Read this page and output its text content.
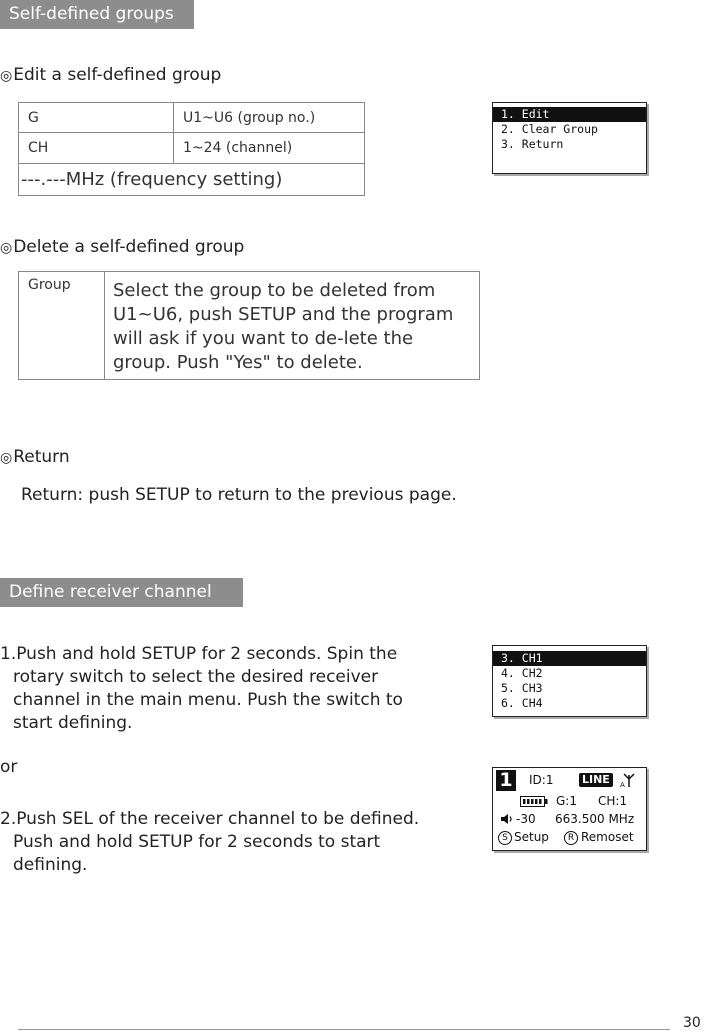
Self-defined groups
◎Edit a self-defined group
G	U1~U6 (group no.)
CH	1~24 (channel)
---.---MHz (frequency setting)	
1. Edit
2. Clear Group
3. Return
◎Delete a self-defined group
Group	Select the group to be deleted from U1~U6, push SETUP and the program will ask if you want to de-lete the group. Push "Yes" to delete.
◎Return
Return: push SETUP to return to the previous page.
Define receiver channel
1.Push and hold SETUP for 2 seconds. Spin the rotary switch to select the desired receiver channel in the main menu. Push the switch to start defining.
3. CH1
4. CH2
5. CH3
6. CH4
or
2.Push SEL of the receiver channel to be defined. Push and hold SETUP for 2 seconds to start defining.
1 ID:1	LINE	A
G:1 CH:1
-30 663.500 MHz
S Setup	R Remoset
30
